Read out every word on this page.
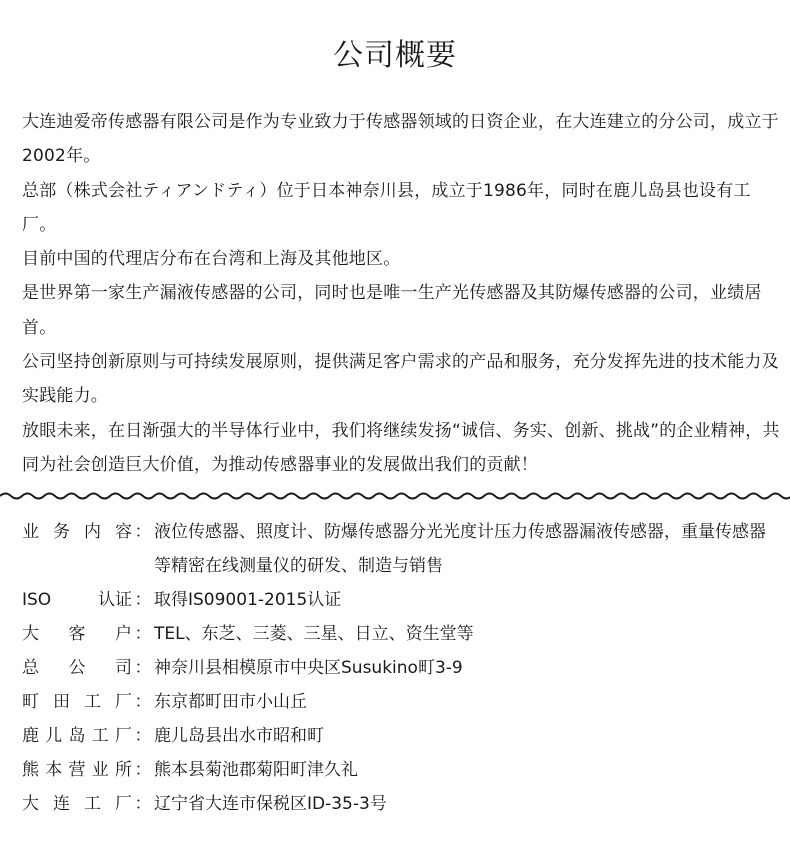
公司概要

大连迪爱帝传感器有限公司是作为专业致力于传感器领域的日资企业，在大连建立的分公司，成立于2002年。

总部（株式会社ティアンドティ）位于日本神奈川县，成立于1986年，同时在鹿儿岛县也设有工厂。

目前中国的代理店分布在台湾和上海及其他地区。

是世界第一家生产漏液传感器的公司，同时也是唯一生产光传感器及其防爆传感器的公司，业绩居首。

公司坚持创新原则与可持续发展原则，提供满足客户需求的产品和服务，充分发挥先进的技术能力及实践能力。

放眼未来，在日渐强大的半导体行业中，我们将继续发扬“诚信、务实、创新、挑战”的企业精神，共同为社会创造巨大价值，为推动传感器事业的发展做出我们的贡献！

业 务 内 容 ： 液位传感器、照度计、防爆传感器分光光度计压力传感器漏液传感器，重量传感器等精密在线测量仪的研发、制造与销售
ISO	认证 ： 取得IS09001-2015认证
大 客 户 ： TEL、东芝、三菱、三星、日立、资生堂等
总 公 司 ： 神奈川县相模原市中央区Susukino町3-9
町 田 工 厂 ： 东京都町田市小山丘
鹿 儿 岛 工 厂 ： 鹿儿岛县出水市昭和町
熊 本 营 业 所 ： 熊本县菊池郡菊阳町津久礼
大 连 工 厂 ： 辽宁省大连市保税区ID-35-3号
